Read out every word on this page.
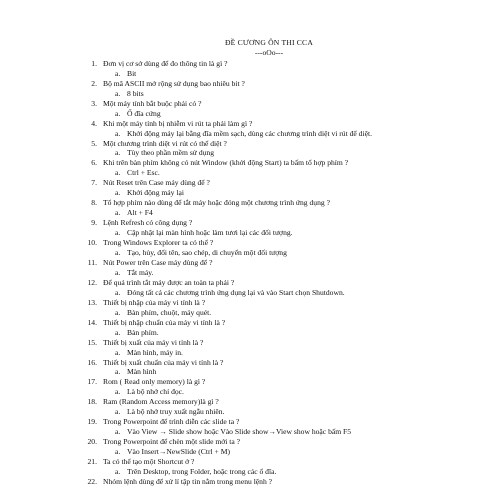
ĐỀ CƯƠNG ÔN THI CCA
---oOo---
1. Đơn vị cơ sở dùng để đo thông tin là gì ?
a. Bit
2. Bộ mã ASCII mở rộng sử dụng bao nhiêu bit ?
a. 8 bits
3. Một máy tính bắt buộc phải có ?
a. Ổ đĩa cứng
4. Khi một máy tính bị nhiễm vi rút ta phải làm gì ?
a. Khởi động máy lại bằng đĩa mềm sạch, dùng các chương trình diệt vi rút để diệt.
5. Một chương trình diệt vi rút có thể diệt ?
a. Tùy theo phần mềm sử dụng
6. Khi trên bàn phím không có nút Window (khởi động Start) ta bấm tổ hợp phím ?
a. Ctrl + Esc.
7. Nút Reset trên Case máy dùng để ?
a. Khởi động máy lại
8. Tổ hợp phím nào dùng để tắt máy hoặc đóng một chương trình ứng dụng ?
a. Alt + F4
9. Lệnh Refresh có công dụng ?
a. Cập nhật lại màn hình hoặc làm tươi lại các đối tượng.
10. Trong Windows Explorer ta có thể ?
a. Tạo, hủy, đổi tên, sao chép, di chuyển một đối tượng
11. Nút Power trên Case máy dùng để ?
a. Tắt máy.
12. Để quá trình tắt máy được an toàn ta phải ?
a. Đóng tất cả các chương trình ứng dụng lại và vào Start chọn Shutdown.
13. Thiết bị nhập của máy vi tính là ?
a. Bàn phím, chuột, máy quét.
14. Thiết bị nhập chuẩn của máy vi tính là ?
a. Bàn phím.
15. Thiết bị xuất của máy vi tính là ?
a. Màn hình, máy in.
16. Thiết bị xuất chuẩn của máy vi tính là ?
a. Màn hình
17. Rom ( Read only memory) là gì ?
a. Là bộ nhớ chỉ đọc.
18. Ram (Random Access memory)là gì ?
a. Là bộ nhớ truy xuất ngẫu nhiên.
19. Trong Powerpoint để trình diễn các slide ta ?
a. Vào View → Slide show hoặc Vào Slide show→View show hoặc bấm F5
20. Trong Powerpoint để chèn một slide mới ta ?
a. Vào Insert→NewSlide (Ctrl + M)
21. Ta có thể tạo một Shortcut ở ?
a. Trên Desktop, trong Folder, hoặc trong các ổ đĩa.
22. Nhóm lệnh dùng để xử lí tập tin nằm trong menu lệnh ?
